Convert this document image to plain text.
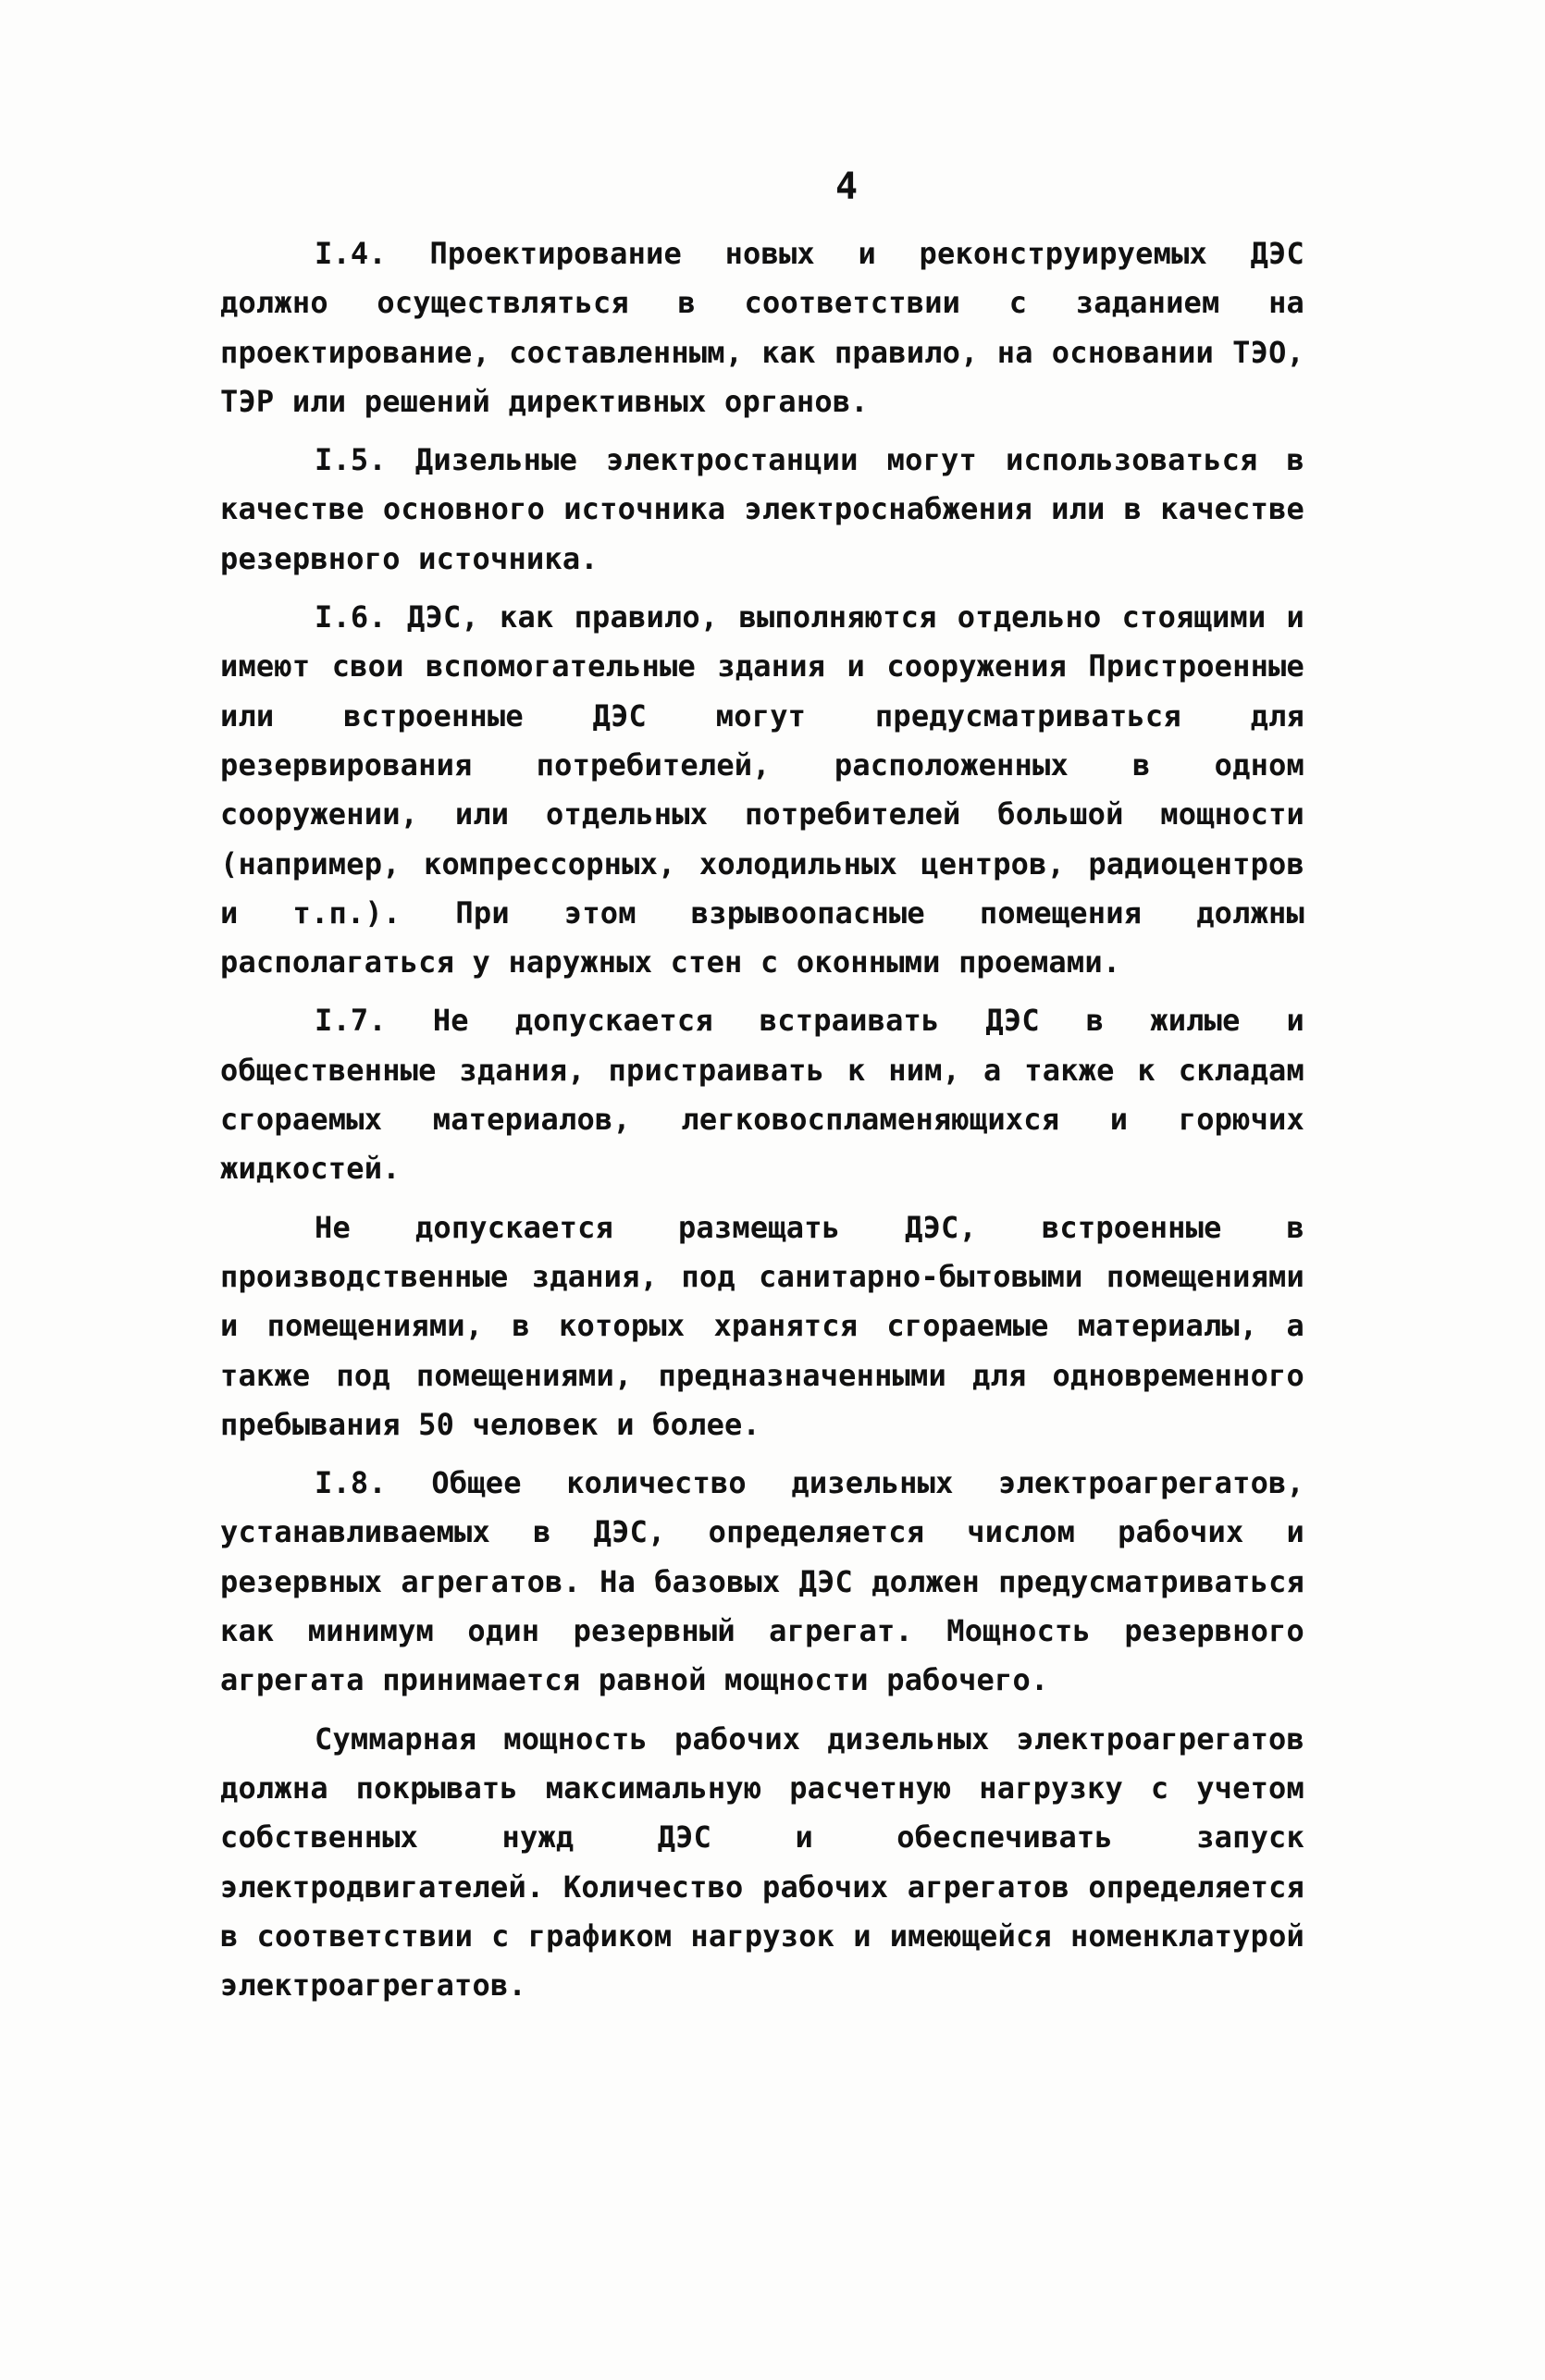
4

I.4. Проектирование новых и реконструируемых ДЭС должно осуществляться в соответствии с заданием на проектирование, составленным, как правило, на основании ТЭО, ТЭР или решений директивных органов.

I.5. Дизельные электростанции могут использоваться в качестве основного источника электроснабжения или в качестве резервного источника.

I.6. ДЭС, как правило, выполняются отдельно стоящими и имеют свои вспомогательные здания и сооружения Пристроенные или встроенные ДЭС могут предусматриваться для резервирования потребителей, расположенных в одном сооружении, или отдельных потребителей большой мощности (например, компрессорных, холодильных центров, радиоцентров и т.п.). При этом взрывоопасные помещения должны располагаться у наружных стен с оконными проемами.

I.7. Не допускается встраивать ДЭС в жилые и общественные здания, пристраивать к ним, а также к складам сгораемых материалов, легковоспламеняющихся и горючих жидкостей.

Не допускается размещать ДЭС, встроенные в производственные здания, под санитарно-бытовыми помещениями и помещениями, в которых хранятся сгораемые материалы, а также под помещениями, предназначенными для одновременного пребывания 50 человек и более.

I.8. Общее количество дизельных электроагрегатов, устанавливаемых в ДЭС, определяется числом рабочих и резервных агрегатов. На базовых ДЭС должен предусматриваться как минимум один резервный агрегат. Мощность резервного агрегата принимается равной мощности рабочего.

Суммарная мощность рабочих дизельных электроагрегатов должна покрывать максимальную расчетную нагрузку с учетом собственных нужд ДЭС и обеспечивать запуск электродвигателей. Количество рабочих агрегатов определяется в соответствии с графиком нагрузок и имеющейся номенклатурой электроагрегатов.
